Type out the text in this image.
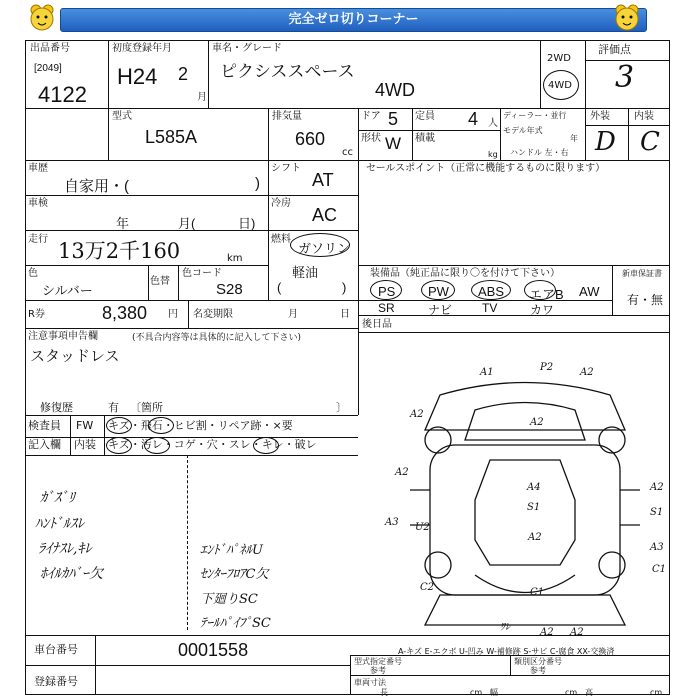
完全ゼロ切りコーナー
出品番号
[2049]
4122
初度登録年月
H24 2
月
車名・グレード
ピクシススペース
4WD
2WD
4WD
評価点
3
型式
L585A
排気量
660
cc
ドア 5 定員 4 人
ディーラー・並行
モデル年式
年
ハンドル 左・右
形状 W 積載
kg
外装 内装
D C
車歴
自家用・(	)
シフト
AT
車検
年	月(	日)
冷房
AC
走行 13万2千160	km
燃料
ガソリン
軽油
(	)
色
シルバー
色替
色コード
S28
R券	8,380 円 名変期限	月	日
注意事項申告欄	(不具合内容等は具体的に記入して下さい)
スタッドレス
修復歴	有 〔箇所	〕
セールスポイント（正常に機能するものに限ります）
装備品（純正品に限り〇を付けて下さい）	新車保証書
有・無
PS	PW ABS エアB AW
SR	ナビ TV	カワ
後日品
検査員
記入欄
FW キズ・飛石・ヒビ割・リペア跡・×要
内装 キズ・汚レ・コゲ・穴・スレ・キレ・破レ
ｶﾞｽﾞﾘ
ﾊﾝﾄﾞﾙｽﾚ
ﾗｲﾅｽﾚ,ｷﾚ
ﾎｲﾙｶﾊﾞｰ欠
ｴﾝﾄﾞﾊﾟﾈﾙU
ｾﾝﾀｰﾌﾛｱC欠
下廻りSC
ﾃｰﾙﾊﾟｲﾌﾟSC
A1	P2	A2
A2
A2
A2
A4
S1
A3 U2
A2
C1
C2
ﾜﾚ	A2 A2
A2
S1
A3
C1
A-キズ E-エクボ U-凹み W-補修跡 S-サビ C-腐食 XX-交換済
車台番号	0001558
登録番号
型式指定番号
参考
類別区分番号
参考
車両寸法
長	cm 幅	cm 高	cm
